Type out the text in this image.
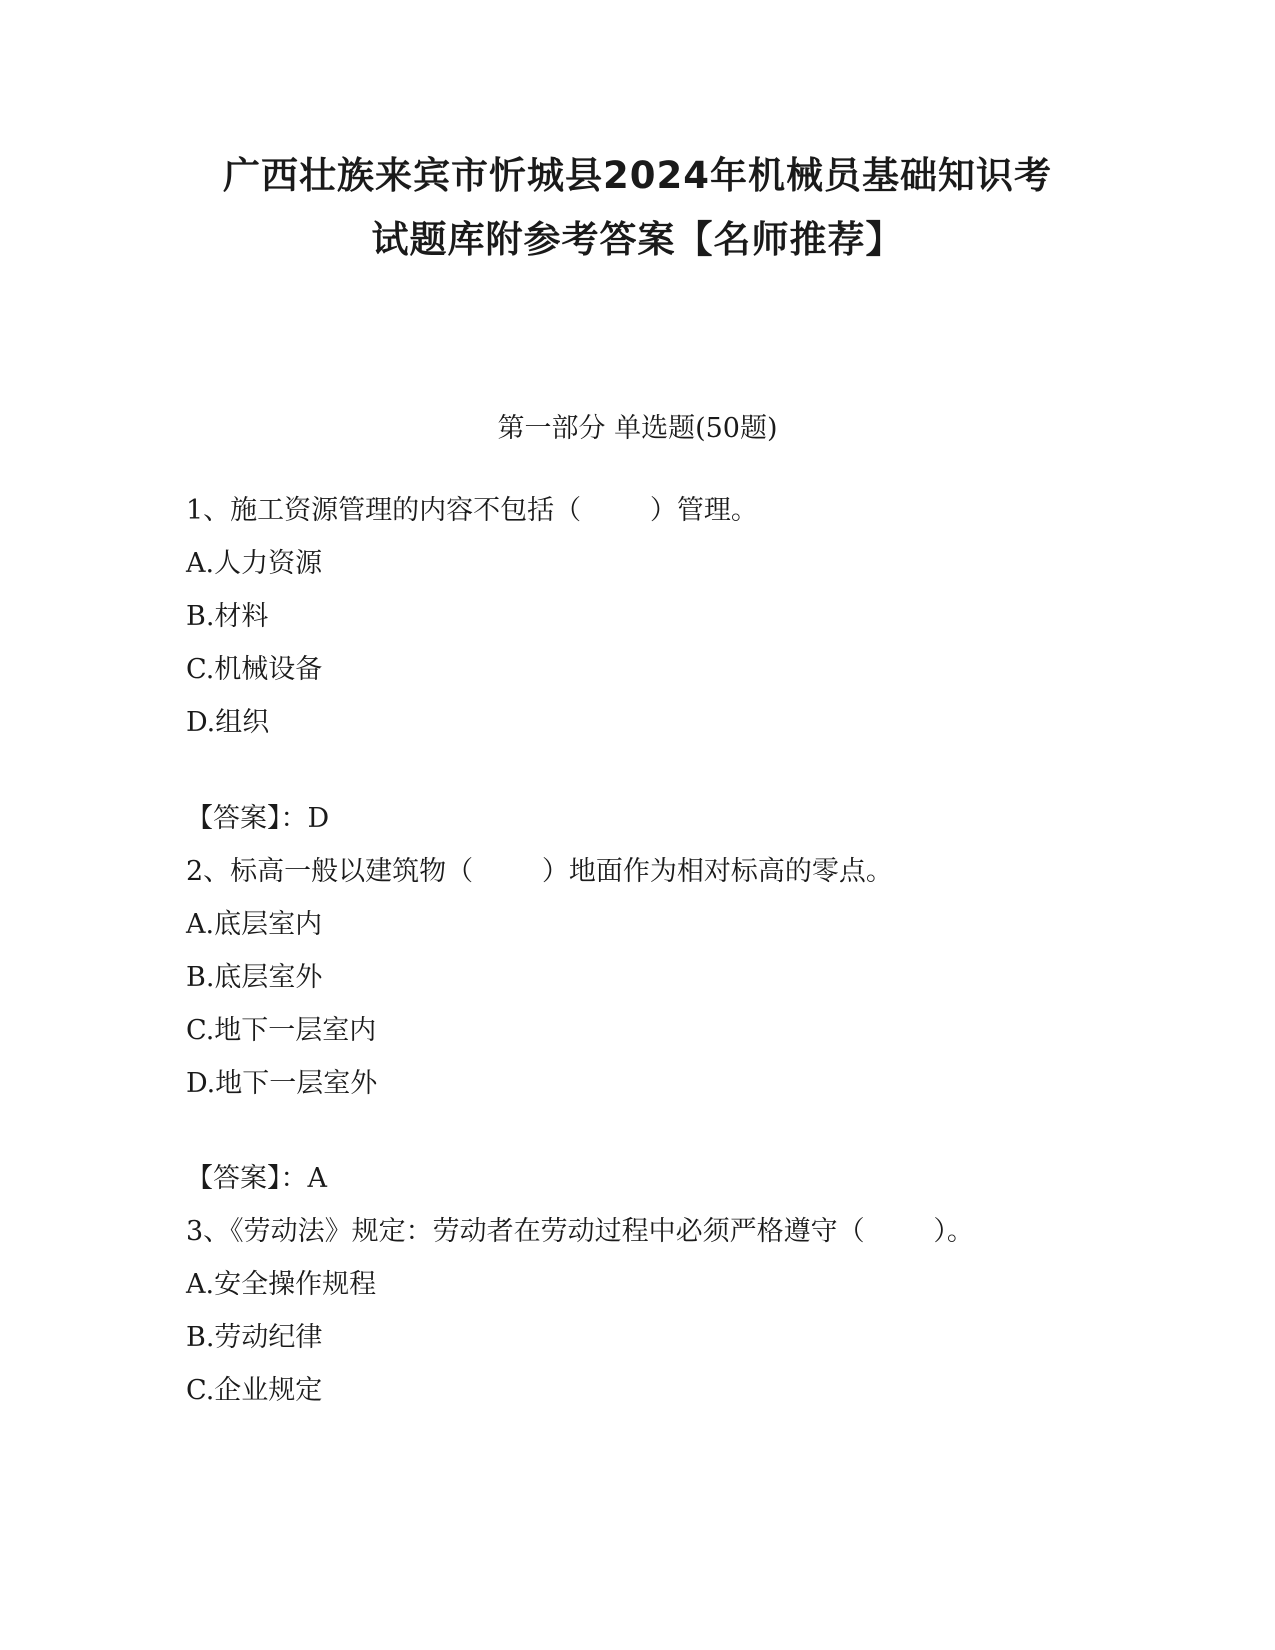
广西壮族来宾市忻城县2024年机械员基础知识考
试题库附参考答案【名师推荐】
第一部分 单选题(50题)
1、施工资源管理的内容不包括（        ）管理。
A.人力资源
B.材料
C.机械设备
D.组织
【答案】：D
2、标高一般以建筑物（        ）地面作为相对标高的零点。
A.底层室内
B.底层室外
C.地下一层室内
D.地下一层室外
【答案】：A
3、《劳动法》规定：劳动者在劳动过程中必须严格遵守（        ）。
A.安全操作规程
B.劳动纪律
C.企业规定
